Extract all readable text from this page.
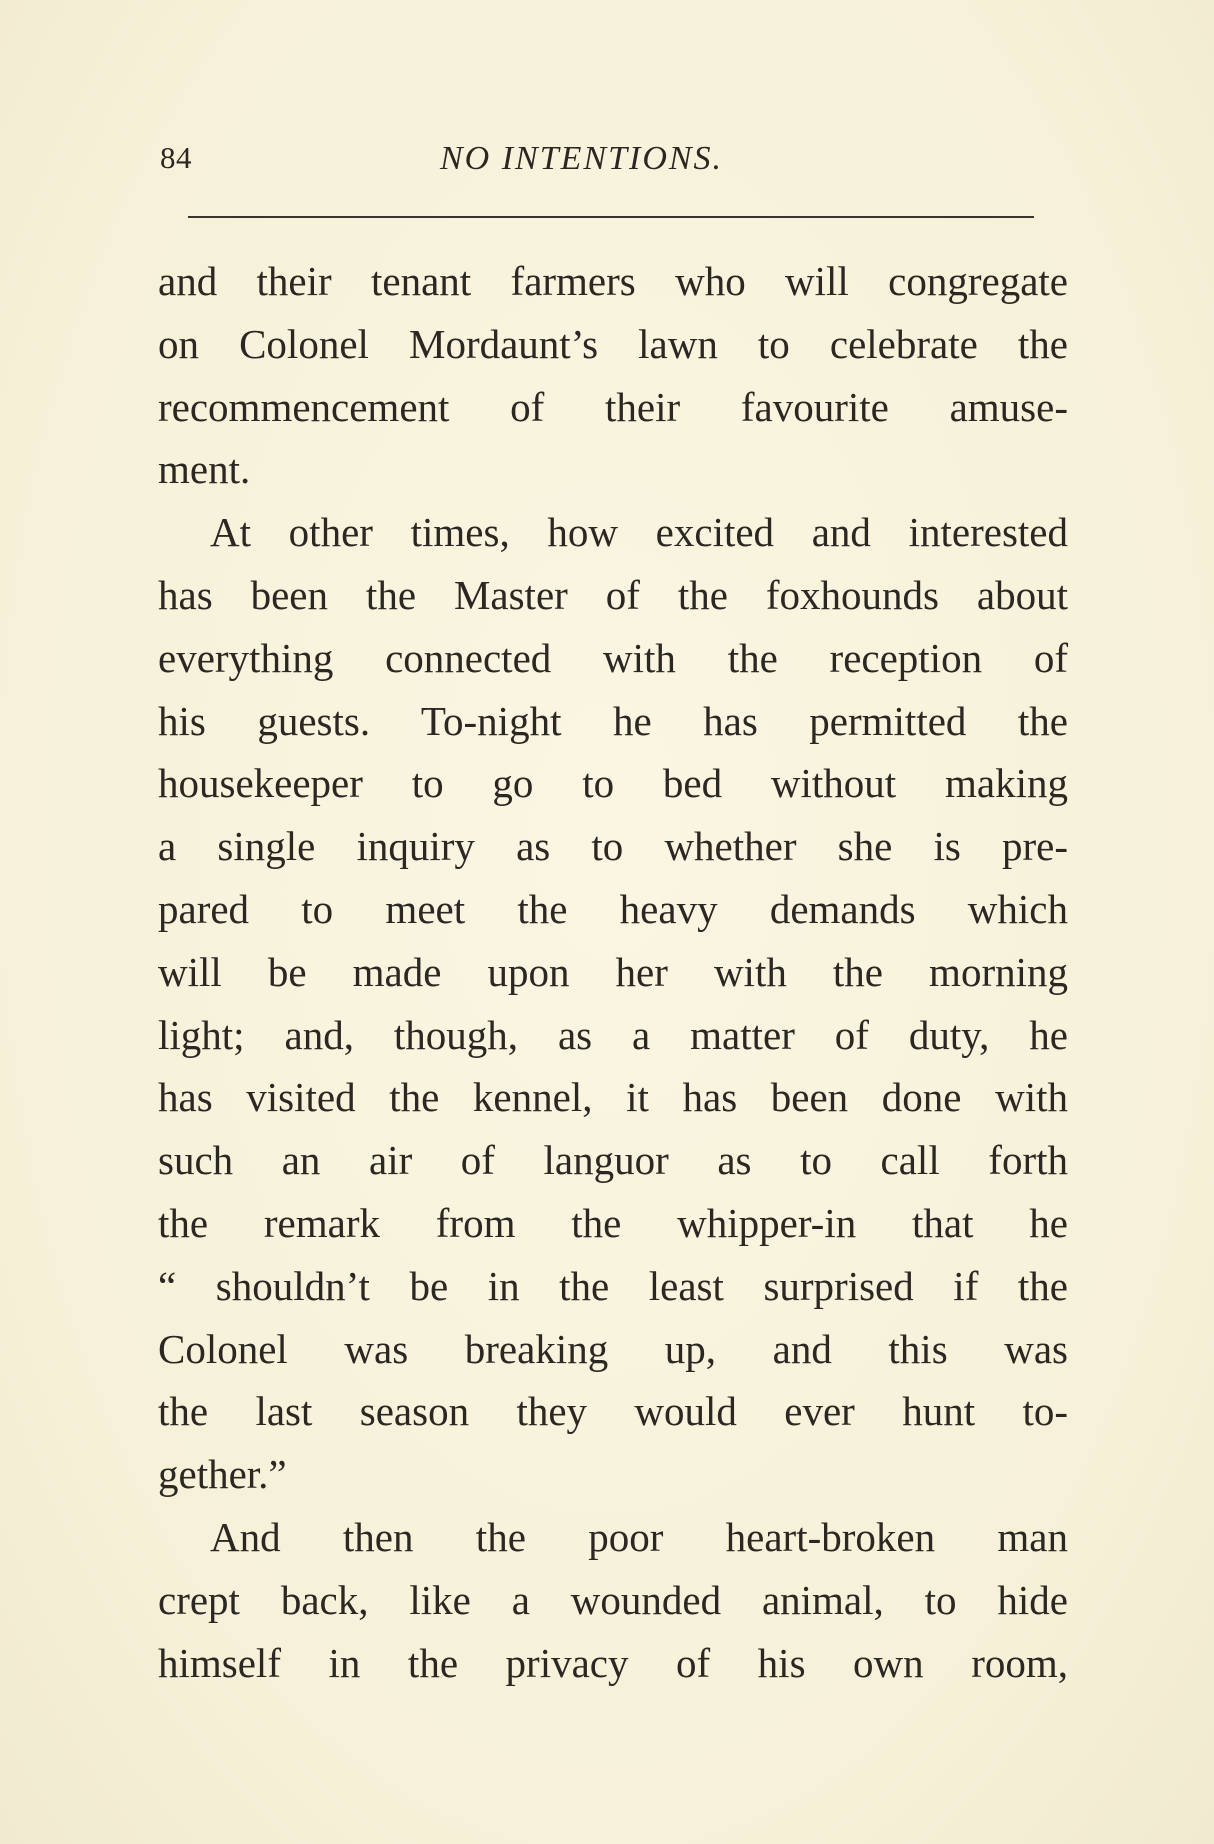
84	NO INTENTIONS.
and their tenant farmers who will congregate
on Colonel Mordaunt’s lawn to celebrate the
recommencement of their favourite amuse-
ment.
At other times, how excited and interested
has been the Master of the foxhounds about
everything connected with the reception of
his guests. To-night he has permitted the
housekeeper to go to bed without making
a single inquiry as to whether she is pre-
pared to meet the heavy demands which
will be made upon her with the morning
light; and, though, as a matter of duty, he
has visited the kennel, it has been done with
such an air of languor as to call forth
the remark from the whipper-in that he
“ shouldn’t be in the least surprised if the
Colonel was breaking up, and this was
the last season they would ever hunt to-
gether.”
And then the poor heart-broken man
crept back, like a wounded animal, to hide
himself in the privacy of his own room,
